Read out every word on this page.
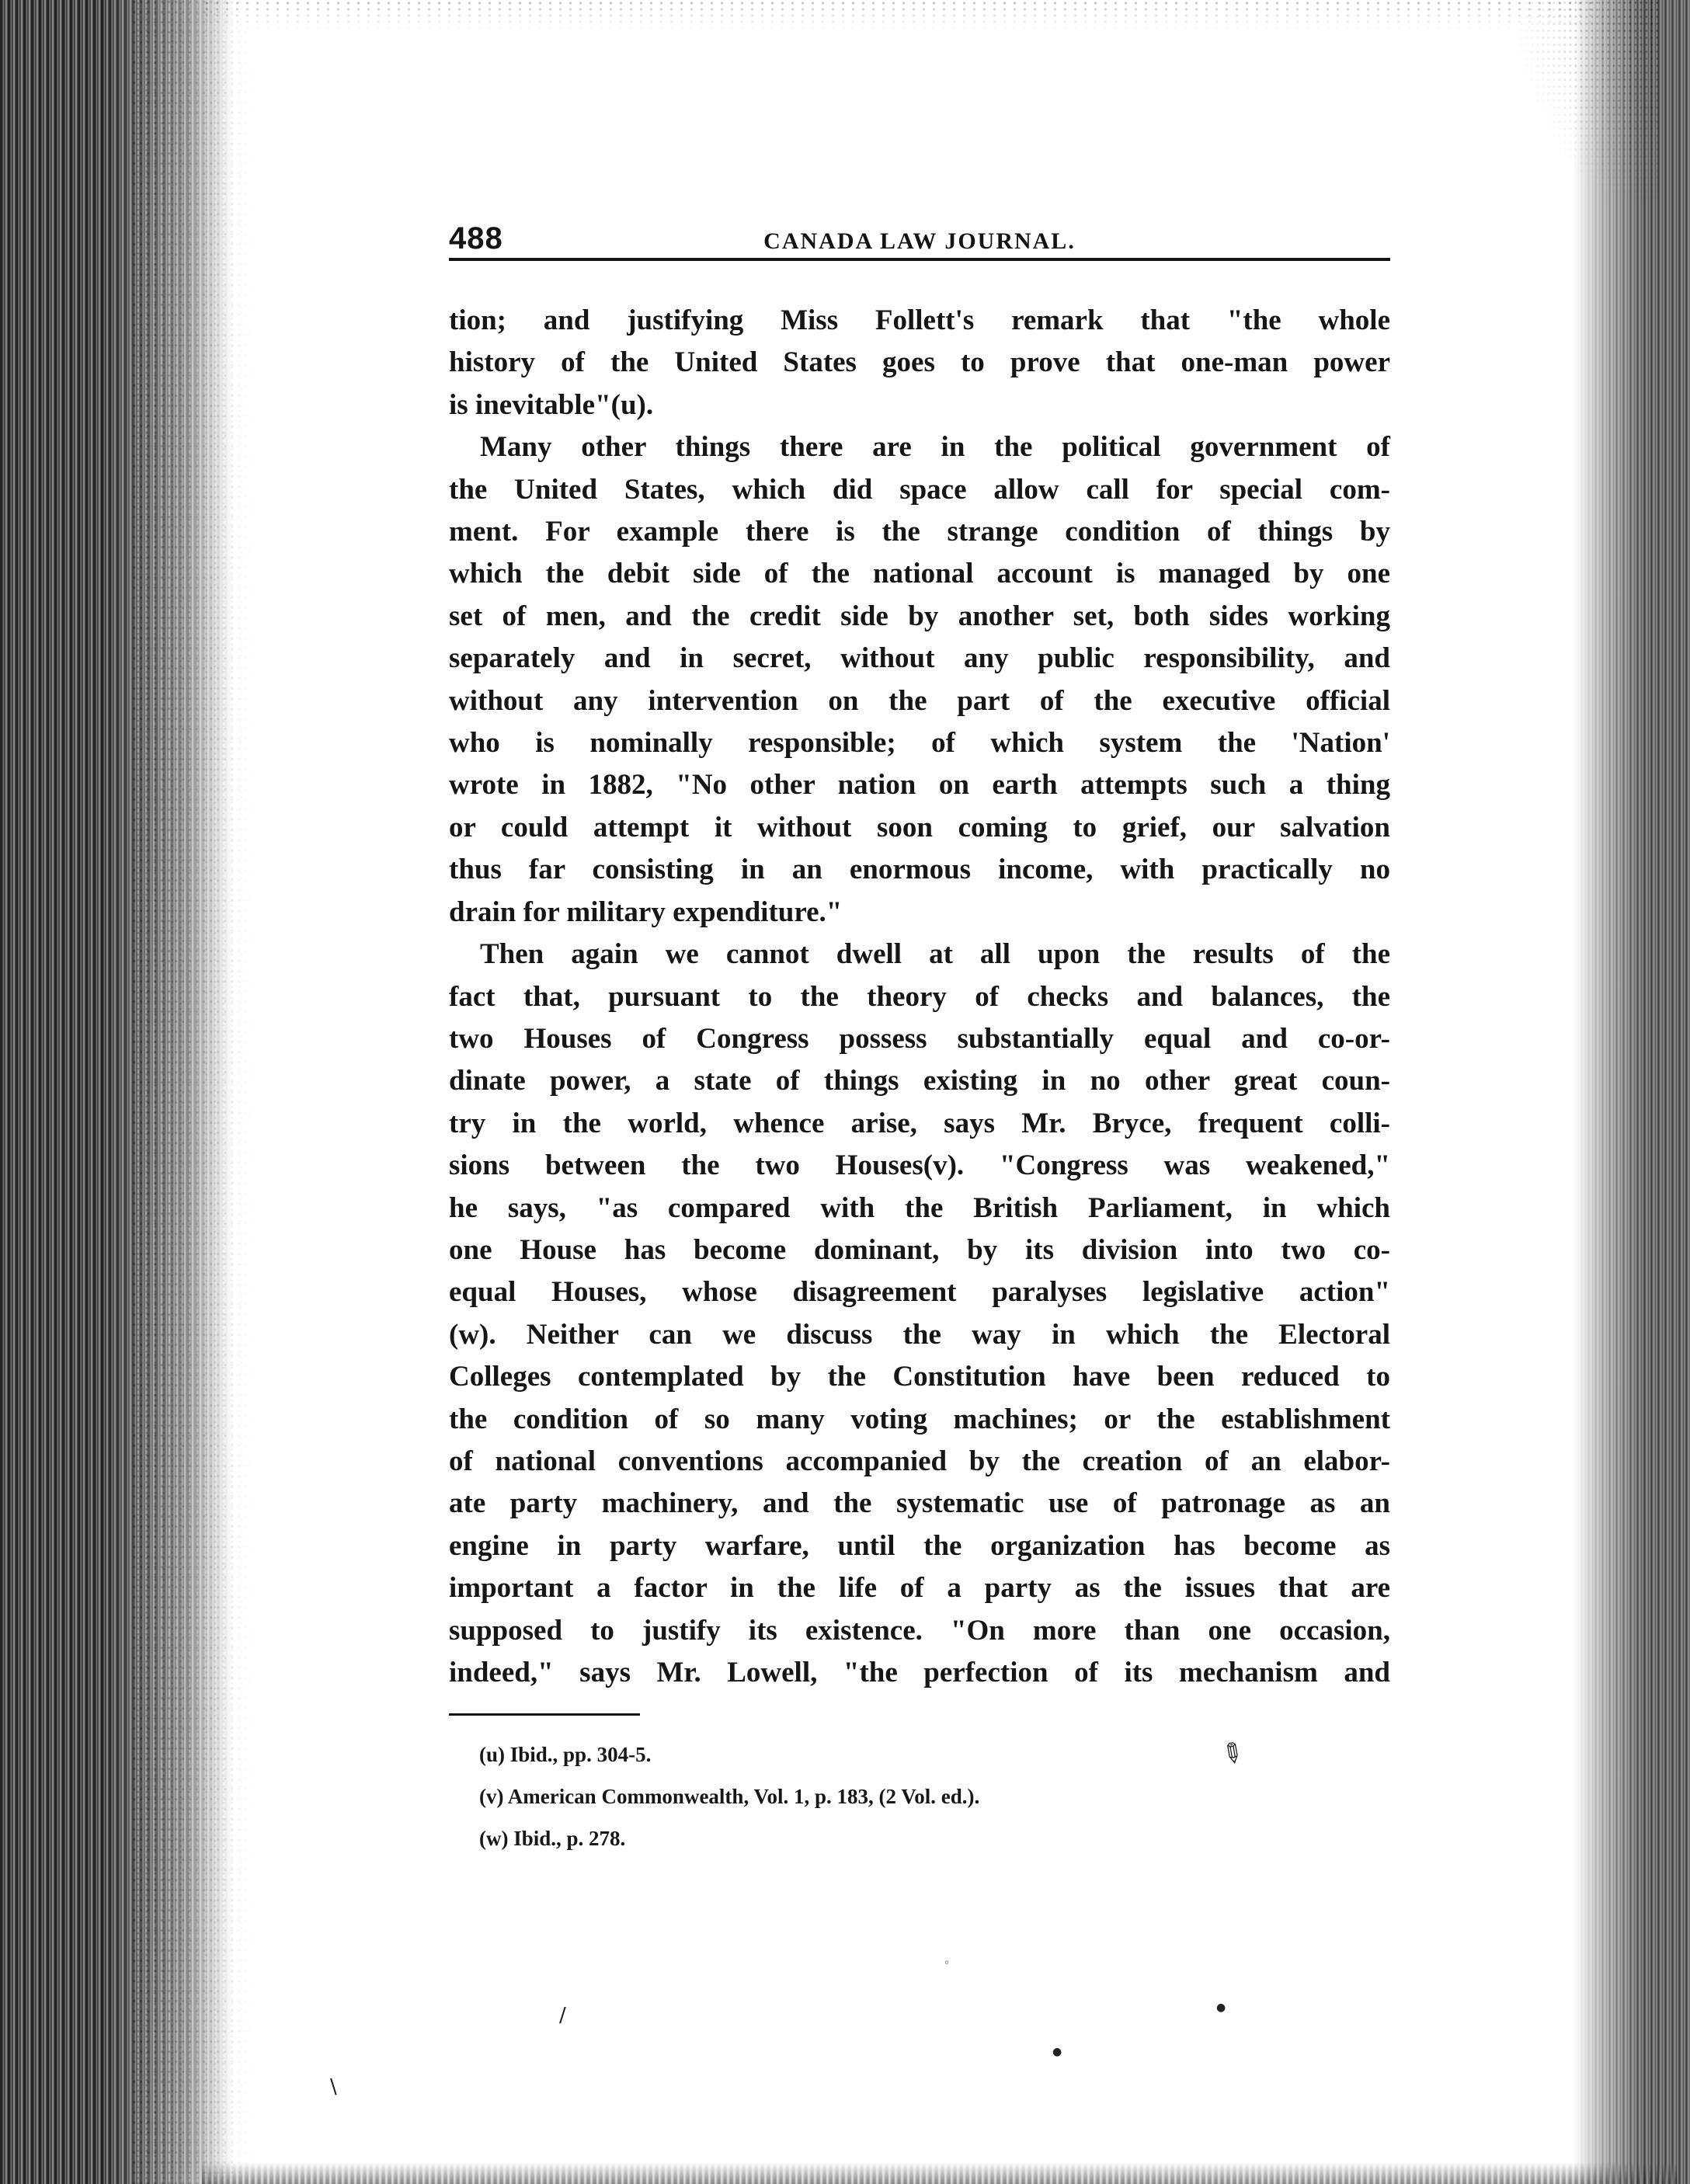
488	CANADA LAW JOURNAL.

tion; and justifying Miss Follett's remark that "the whole

history of the United States goes to prove that one-man power

is inevitable"(u).

Many other things there are in the political government of

the United States, which did space allow call for special com-

ment. For example there is the strange condition of things by

which the debit side of the national account is managed by one

set of men, and the credit side by another set, both sides working

separately and in secret, without any public responsibility, and

without any intervention on the part of the executive official

who is nominally responsible; of which system the 'Nation'

wrote in 1882, "No other nation on earth attempts such a thing

or could attempt it without soon coming to grief, our salvation

thus far consisting in an enormous income, with practically no

drain for military expenditure."

Then again we cannot dwell at all upon the results of the

fact that, pursuant to the theory of checks and balances, the

two Houses of Congress possess substantially equal and co-or-

dinate power, a state of things existing in no other great coun-

try in the world, whence arise, says Mr. Bryce, frequent colli-

sions between the two Houses(v). "Congress was weakened,"

he says, "as compared with the British Parliament, in which

one House has become dominant, by its division into two co-

equal Houses, whose disagreement paralyses legislative action"

(w). Neither can we discuss the way in which the Electoral

Colleges contemplated by the Constitution have been reduced to

the condition of so many voting machines; or the establishment

of national conventions accompanied by the creation of an elabor-

ate party machinery, and the systematic use of patronage as an

engine in party warfare, until the organization has become as

important a factor in the life of a party as the issues that are

supposed to justify its existence. "On more than one occasion,

indeed," says Mr. Lowell, "the perfection of its mechanism and

(u) Ibid., pp. 304-5.
(v) American Commonwealth, Vol. 1, p. 183, (2 Vol. ed.).
(w) Ibid., p. 278.
✎
◦
●
●
/
\
